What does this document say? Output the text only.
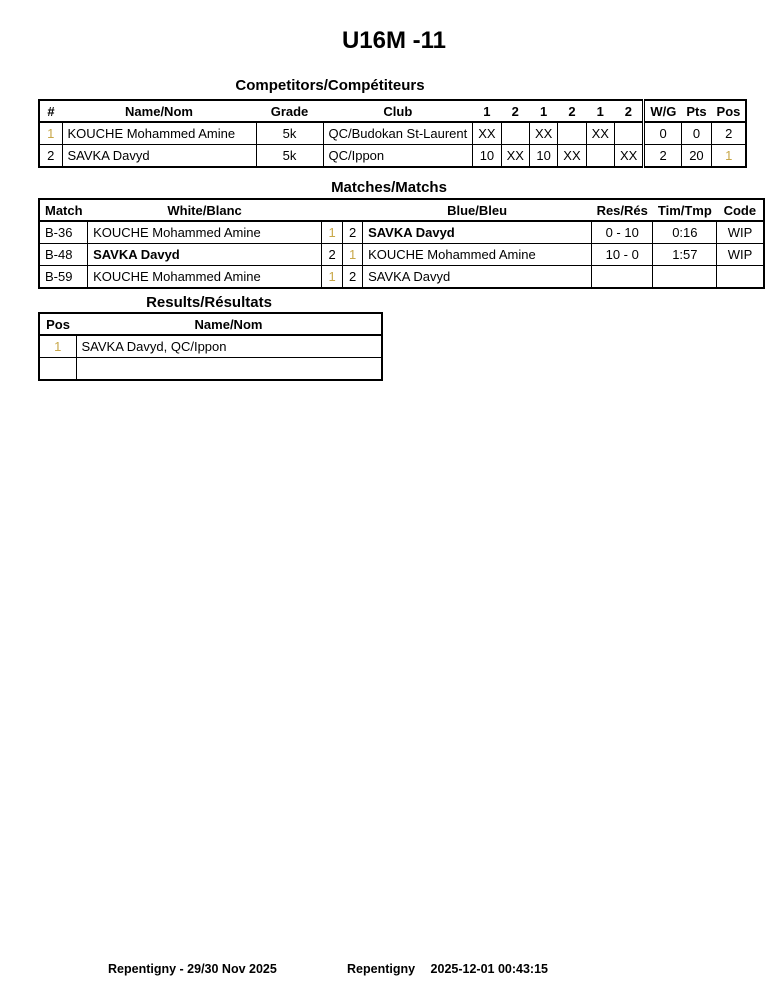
U16M -11
Competitors/Compétiteurs
#	Name/Nom	Grade	Club	1	2	1	2	1	2	W/G	Pts	Pos
1	KOUCHE Mohammed Amine	5k	QC/Budokan St-Laurent	XX		XX		XX		0	0	2
2	SAVKA Davyd	5k	QC/Ippon	10	XX	10	XX		XX	2	20	1
Matches/Matchs
Match	White/Blanc			Blue/Bleu	Res/Rés	Tim/Tmp	Code
B-36	KOUCHE Mohammed Amine	1	2	SAVKA Davyd	0 - 10	0:16	WIP
B-48	SAVKA Davyd	2	1	KOUCHE Mohammed Amine	10 - 0	1:57	WIP
B-59	KOUCHE Mohammed Amine	1	2	SAVKA Davyd			
Results/Résultats
Pos	Name/Nom
1	SAVKA Davyd, QC/Ippon

Repentigny - 29/30 Nov 2025	Repentigny 2025-12-01 00:43:15
